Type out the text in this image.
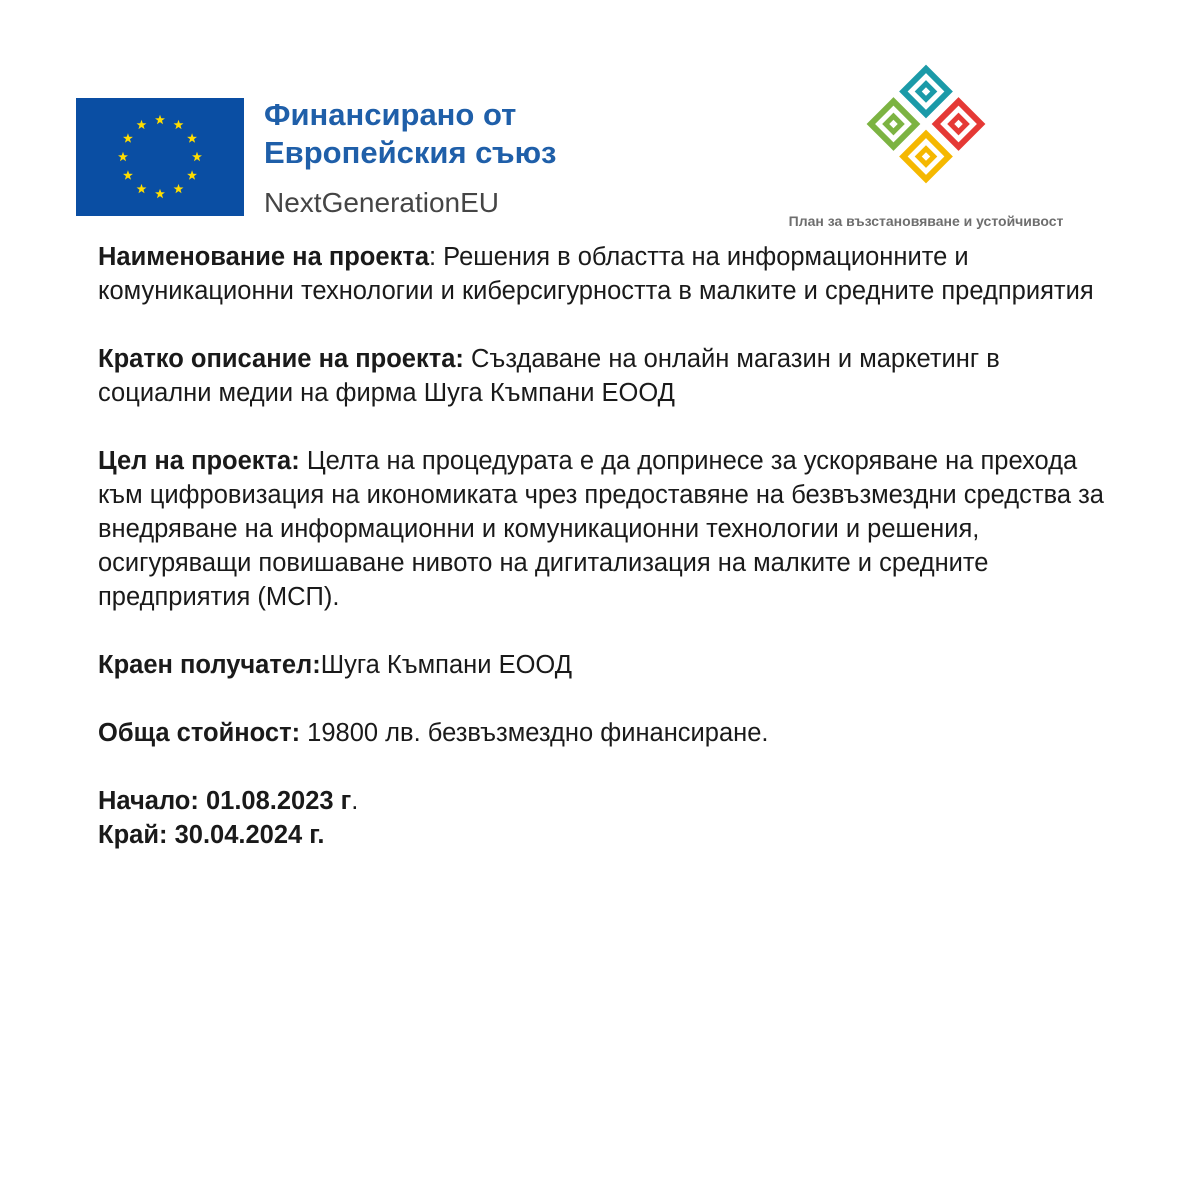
Финансирано от
Европейския съюз

NextGenerationEU
План за възстановяване и устойчивост

Наименование на проекта: Решения в областта на информационните и комуникационни технологии и киберсигурността в малките и средните предприятия

Кратко описание на проекта: Създаване на онлайн магазин и маркетинг в социални медии на фирма Шуга Къмпани ЕООД

Цел на проекта: Целта на процедурата е да допринесе за ускоряване на прехода към цифровизация на икономиката чрез предоставяне на безвъзмездни средства за внедряване на информационни и комуникационни технологии и решения, осигуряващи повишаване нивото на дигитализация на малките и средните предприятия (МСП).

Краен получател:Шуга Къмпани ЕООД

Обща стойност: 19800 лв. безвъзмездно финансиране.

Начало: 01.08.2023 г.

Край: 30.04.2024 г.
